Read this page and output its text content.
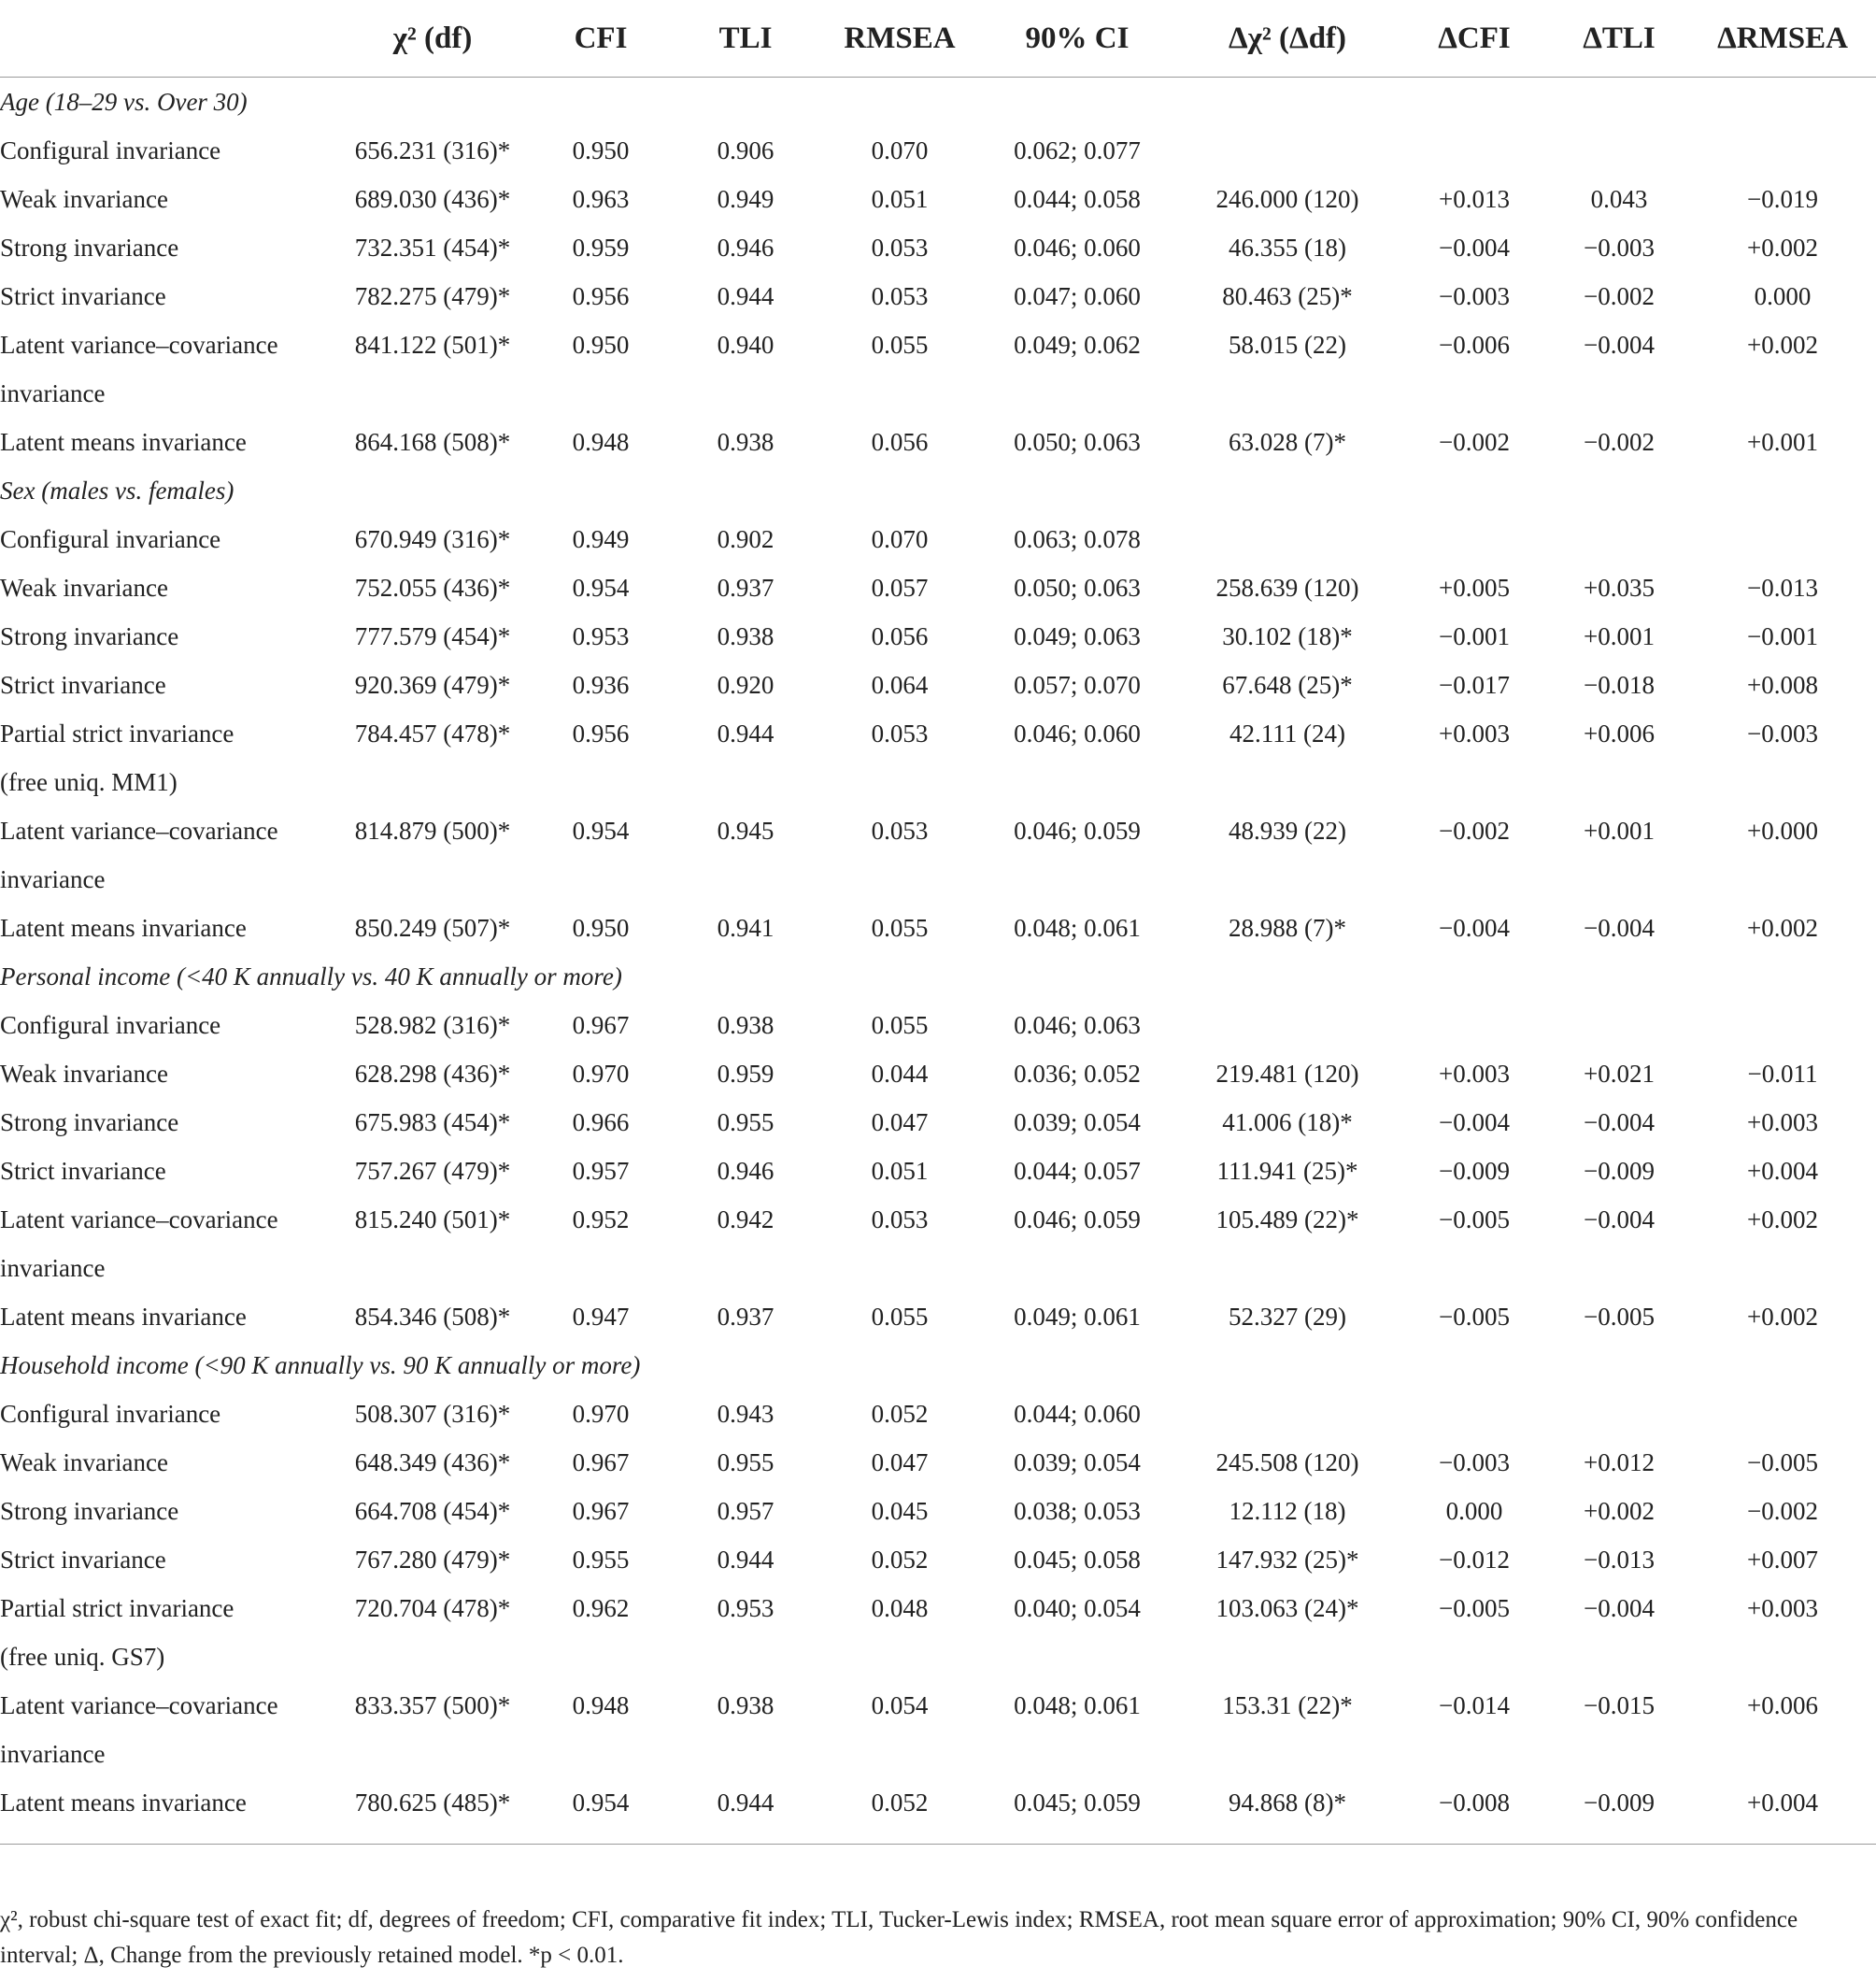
	χ² (df)	CFI	TLI	RMSEA	90% CI	Δχ² (Δdf)	ΔCFI	ΔTLI	ΔRMSEA
Age (18–29 vs. Over 30)									

Configural invariance	656.231 (316)*	0.950	0.906	0.070	0.062; 0.077				

Weak invariance	689.030 (436)*	0.963	0.949	0.051	0.044; 0.058	246.000 (120)	+0.013	0.043	−0.019

Strong invariance	732.351 (454)*	0.959	0.946	0.053	0.046; 0.060	46.355 (18)	−0.004	−0.003	+0.002

Strict invariance	782.275 (479)*	0.956	0.944	0.053	0.047; 0.060	80.463 (25)*	−0.003	−0.002	0.000

Latent variance–covariance
invariance	841.122 (501)*	0.950	0.940	0.055	0.049; 0.062	58.015 (22)	−0.006	−0.004	+0.002

Latent means invariance	864.168 (508)*	0.948	0.938	0.056	0.050; 0.063	63.028 (7)*	−0.002	−0.002	+0.001
Sex (males vs. females)									

Configural invariance	670.949 (316)*	0.949	0.902	0.070	0.063; 0.078				

Weak invariance	752.055 (436)*	0.954	0.937	0.057	0.050; 0.063	258.639 (120)	+0.005	+0.035	−0.013

Strong invariance	777.579 (454)*	0.953	0.938	0.056	0.049; 0.063	30.102 (18)*	−0.001	+0.001	−0.001

Strict invariance	920.369 (479)*	0.936	0.920	0.064	0.057; 0.070	67.648 (25)*	−0.017	−0.018	+0.008

Partial strict invariance
(free uniq. MM1)	784.457 (478)*	0.956	0.944	0.053	0.046; 0.060	42.111 (24)	+0.003	+0.006	−0.003

Latent variance–covariance
invariance	814.879 (500)*	0.954	0.945	0.053	0.046; 0.059	48.939 (22)	−0.002	+0.001	+0.000

Latent means invariance	850.249 (507)*	0.950	0.941	0.055	0.048; 0.061	28.988 (7)*	−0.004	−0.004	+0.002
Personal income (<40 K annually vs. 40 K annually or more)									

Configural invariance	528.982 (316)*	0.967	0.938	0.055	0.046; 0.063				

Weak invariance	628.298 (436)*	0.970	0.959	0.044	0.036; 0.052	219.481 (120)	+0.003	+0.021	−0.011

Strong invariance	675.983 (454)*	0.966	0.955	0.047	0.039; 0.054	41.006 (18)*	−0.004	−0.004	+0.003

Strict invariance	757.267 (479)*	0.957	0.946	0.051	0.044; 0.057	111.941 (25)*	−0.009	−0.009	+0.004

Latent variance–covariance
invariance	815.240 (501)*	0.952	0.942	0.053	0.046; 0.059	105.489 (22)*	−0.005	−0.004	+0.002

Latent means invariance	854.346 (508)*	0.947	0.937	0.055	0.049; 0.061	52.327 (29)	−0.005	−0.005	+0.002
Household income (<90 K annually vs. 90 K annually or more)									

Configural invariance	508.307 (316)*	0.970	0.943	0.052	0.044; 0.060				

Weak invariance	648.349 (436)*	0.967	0.955	0.047	0.039; 0.054	245.508 (120)	−0.003	+0.012	−0.005

Strong invariance	664.708 (454)*	0.967	0.957	0.045	0.038; 0.053	12.112 (18)	0.000	+0.002	−0.002

Strict invariance	767.280 (479)*	0.955	0.944	0.052	0.045; 0.058	147.932 (25)*	−0.012	−0.013	+0.007

Partial strict invariance
(free uniq. GS7)	720.704 (478)*	0.962	0.953	0.048	0.040; 0.054	103.063 (24)*	−0.005	−0.004	+0.003

Latent variance–covariance
invariance	833.357 (500)*	0.948	0.938	0.054	0.048; 0.061	153.31 (22)*	−0.014	−0.015	+0.006

Latent means invariance	780.625 (485)*	0.954	0.944	0.052	0.045; 0.059	94.868 (8)*	−0.008	−0.009	+0.004
χ², robust chi-square test of exact fit; df, degrees of freedom; CFI, comparative fit index; TLI, Tucker-Lewis index; RMSEA, root mean square error of approximation; 90% CI, 90% confidence interval; Δ, Change from the previously retained model. *p < 0.01.
